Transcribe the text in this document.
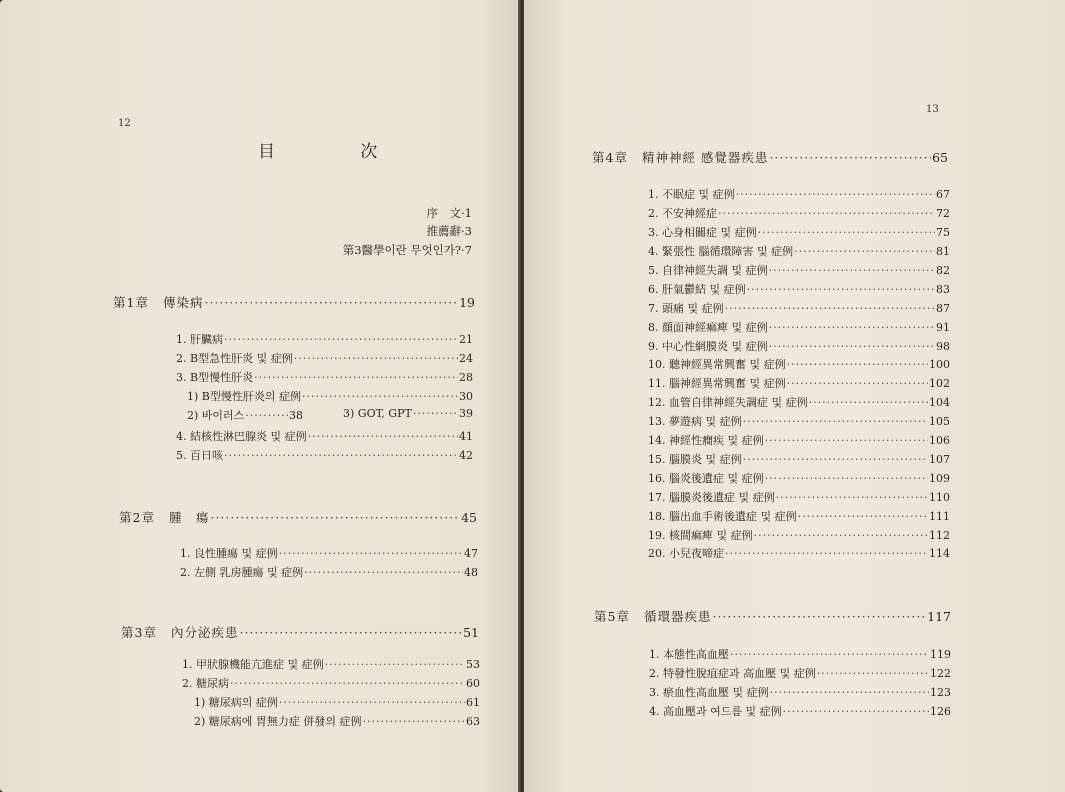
12
目 次
序　文·1
推薦辭·3
第3醫學이란 무엇인가?·7
第1章 傳染病 ·····	19
1. 肝臟病 ·····	21
2. B型急性肝炎 및 症例 ·····	24
3. B型慢性肝炎 ·····	28
1) B型慢性肝炎의 症例 ·····	30
2) 바이러스 ·····	38	3) GOT, GPT ·····	39
4. 結核性淋巴腺炎 및 症例 ·····	41
5. 百日咳 ·····	42
第2章 腫　瘍 ·····	45
1. 良性腫瘍 및 症例 ·····	47
2. 左側 乳房腫瘍 및 症例 ·····	48
第3章 內分泌疾患 ·····	51
1. 甲狀腺機能亢進症 및 症例 ·····	53
2. 糖尿病 ·····	60
1) 糖尿病의 症例 ·····	61
2) 糖尿病에 胃無力症 併發의 症例 ·····	63
13
第4章 精神神經 感覺器疾患 ·····	65
1. 不眠症 및 症例 ·····	67
2. 不安神經症 ·····	72
3. 心身相關症 및 症例 ·····	75
4. 緊張性 腦循環障害 및 症例 ·····	81
5. 自律神經失調 및 症例 ·····	82
6. 肝氣鬱結 및 症例 ·····	83
7. 頭痛 및 症例 ·····	87
8. 顔面神經痲痺 및 症例 ·····	91
9. 中心性網膜炎 및 症例 ·····	98
10. 聽神經異常興奮 및 症例 ·····	100
11. 腦神經異常興奮 및 症例 ·····	102
12. 血管自律神經失調症 및 症例 ·····	104
13. 夢遊病 및 症例 ·····	105
14. 神經性癎疾 및 症例 ·····	106
15. 腦膜炎 및 症例 ·····	107
16. 腦炎後遺症 및 症例 ·····	109
17. 腦膜炎後遺症 및 症例 ·····	110
18. 腦出血手術後遺症 및 症例 ·····	111
19. 核間痲痺 및 症例 ·····	112
20. 小兒夜啼症 ·····	114
第5章 循環器疾患 ·····	117
1. 本態性高血壓 ·····	119
2. 特發性脫疽症과 高血壓 및 症例 ·····	122
3. 瘀血性高血壓 및 症例 ·····	123
4. 高血壓과 여드름 및 症例 ·····	126
